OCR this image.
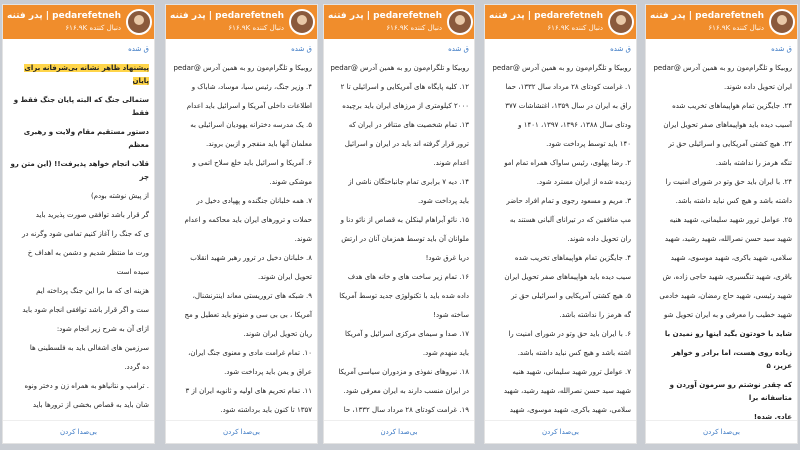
pedarefetneh | پدر فتنه
دنبال کننده ۶۱۶.۹K

ق شده

پیشنهاد ظاهر نشانه بی‌شرفانه برای پایان

ستمالی جنگ که البته پایان جنگ فقط و فقط

دستور مستقیم مقام ولایت و رهبری معظم

قلاب انجام خواهد پذیرفت!! (این متن رو چز

از پیش نوشته بودم)

گر قرار باشد توافقی صورت پذیرید باید

ی که جنگ را آغاز کنیم تمامی شود وگرنه در

ورت ما منتظر شدیم و دشمن به اهداف خ

سیده است

هزینه ای که ما برا این جنگ پرداخته ایم

ست و اگر قرار باشد توافقی انجام شود باید

ازای آن به شرح زیر انجام شود:

سرزمین های اشغالی باید به فلسطینی ها

ده گردد.

. ترامپ و نتانیاهو به همراه زن و دختر ونوه

شان باید به قصاص بخشی از ترورها باید

بی‌صدا کردن
pedarefetneh | پدر فتنه
دنبال کننده ۶۱۶.۹K

ق شده

روبیکا و تلگرام‌مون رو به همین آدرس @pedar

۴. وزیر جنگ، رئیس سیا، موساد، شاباک و

اطلاعات داخلی آمریکا و اسرائیل باید اعدام

۵. یک مدرسه دخترانه یهودیان اسرائیلی به

معلمان آنها باید منفجر و ازبین بروند.

۶. آمریکا و اسرائیل باید خلع سلاح اتمی و

موشکی شوند.

۷. همه خلبانان جنگنده و پهپادی دخیل در

حملات و ترورهای ایران باید محاکمه و اعدام

شوند.

۸. خلبانان دخیل در ترور رهبر شهید انقلاب

تحویل ایران شوند.

۹. شبکه های تروریستی معاند اینترنشنال،

آمریکا ، بی بی سی و منوتو باید تعطیل و مج

ریان تحویل ایران شوند.

۱۰. تمام غرامت مادی و معنوی جنگ ایران،

عراق و یمن باید پرداخت شود.

۱۱. تمام تحریم های اولیه و ثانویه ایران از ۳

۱۳۵۷ تا کنون باید برداشته شود.

بی‌صدا کردن
pedarefetneh | پدر فتنه
دنبال کننده ۶۱۶.۹K

ق شده

روبیکا و تلگرام‌مون رو به همین آدرس @pedar

۱۲. کلیه پایگاه های آمریکایی و اسرائیلی تا ۲

۲۰۰۰ کیلومتری از مرزهای ایران باید برچیده

۱۳. تمام شخصیت های متنافر در ایران که

ترور قرار گرفته اند باید در ایران و اسرائیل

اعدام شوند.

۱۴. دیه ۷ برابری تمام جانباختگان ناشی از

باید پرداخت شود.

۱۵. نائو آبراهام لینکلن به قصاص از نائو دنا و

ملوانان آن باید توسط همزمان آنان در ارتش

دریا غرق شود!

۱۶. تمام زیر ساخت های و خانه های هدف

داده شده باید با تکنولوژی جدید توسط آمریکا

ساخته شود!

۱۷. صدا و سیمای مرکزی اسرائیل و آمریکا

باید منهدم شود.

۱۸. نیروهای نفوذی و مزدوران سیاسی آمریکا

در ایران منسب دارند به ایران معرفی شود.

۱۹. غرامت کودتای ۲۸ مرداد سال ۱۳۳۲، حا

بی‌صدا کردن
pedarefetneh | پدر فتنه
دنبال کننده ۶۱۶.۹K

ق شده

روبیکا و تلگرام‌مون رو به همین آدرس @pedar

۱. غرامت کودتای ۲۸ مرداد سال ۱۳۳۲، حما

راق به ایران در سال ۱۳۵۹، اغتشاشات ۳۷۷

ودتای سال ۱۳۸۸، ۱۳۹۶، ۱۳۹۷، ۱۴۰۱ و

۱۴۰ باید توسط پرداخت شود.

۲. رضا پهلوی، رئیس ساواک همراه تمام امو

زدیده شده از ایران مسترد شود.

۳. مریم و مسعود رجوی و تمام افراد حاضر

مپ منافقین که در تیرانای آلبانی هستند به

ران تحویل داده شوند.

۴. جایگزین تمام هواپیماهای تخریب شده

سیب دیده باید هواپیماهای صفر تحویل ایران

۵. هیچ کشتی آمریکایی و اسرائیلی حق تر

گه هرمز را نداشته باشد.

۶. با ایران باید حق وتو در شورای امنیت را

اشته باشد و هیچ کس نباید داشته باشد.

۷. عوامل ترور شهید سلیمانی، شهید هنیه

شهید سید حسن نصرالله، شهید رشید، شهید

سلامی، شهید باکری، شهید موسوی، شهید

بی‌صدا کردن
pedarefetneh | پدر فتنه
دنبال کننده ۶۱۶.۹K

ق شده

روبیکا و تلگرام‌مون رو به همین آدرس @pedar

ایران تحویل داده شوند.

۲۴. جایگزین تمام هواپیماهای تخریب شده

آسیب دیده باید هواپیماهای صفر تحویل ایران

۲۲. هیچ کشتی آمریکایی و اسرائیلی حق تر

تنگه هرمز را نداشته باشد.

۲۴. با ایران باید حق وتو در شورای امنیت را

داشته باشد و هیچ کس نباید داشته باشد.

۲۵. عوامل ترور شهید سلیمانی، شهید هنیه

شهید سید حسن نصرالله، شهید رشید، شهید

سلامی، شهید باکری، شهید موسوی، شهید

باقری، شهید تنگسیری، شهید حاجی زاده، ش

شهید رئیسی، شهید حاج رمضان، شهید خادمی

شهید خطیب را معرفی و به ایران تحویل شو

شاید با خودتون بگید اینها رو نمیدن با

زیاده روی هست، اما برادر و خواهر عزیز، ۵

که چقدر نوشتم رو سرمون آوردن و متاسفانه برا

عادی شده!

بی‌صدا کردن
